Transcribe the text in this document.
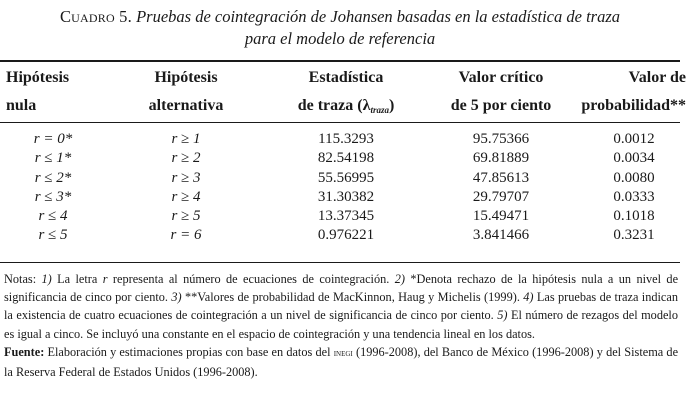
Cuadro 5. Pruebas de cointegración de Johansen basadas en la estadística de traza
para el modelo de referencia
Hipótesis	Hipótesis	Estadística	Valor crítico	Valor de
nula	alternativa	de traza $(\lambda_{traza})$	de 5 por ciento	probabilidad**

r = 0*	r ≥ 1	115.3293	95.75366	0.0012
r ≤ 1*	r ≥ 2	82.54198	69.81889	0.0034
r ≤ 2*	r ≥ 3	55.56995	47.85613	0.0080
r ≤ 3*	r ≥ 4	31.30382	29.79707	0.0333
r ≤ 4	r ≥ 5	13.37345	15.49471	0.1018
r ≤ 5	r = 6	0.976221	3.841466	0.3231

Notas: 1) La letra r representa al número de ecuaciones de cointegración. 2) *Denota rechazo de la hipótesis nula a un nivel de significancia de cinco por ciento. 3) **Valores de probabilidad de MacKinnon, Haug y Michelis (1999). 4) Las pruebas de traza indican la existencia de cuatro ecuaciones de cointegración a un nivel de significancia de cinco por ciento. 5) El número de rezagos del modelo es igual a cinco. Se incluyó una constante en el espacio de cointegración y una tendencia lineal en los datos.

Fuente: Elaboración y estimaciones propias con base en datos del inegi (1996-2008), del Banco de México (1996-2008) y del Sistema de la Reserva Federal de Estados Unidos (1996-2008).
